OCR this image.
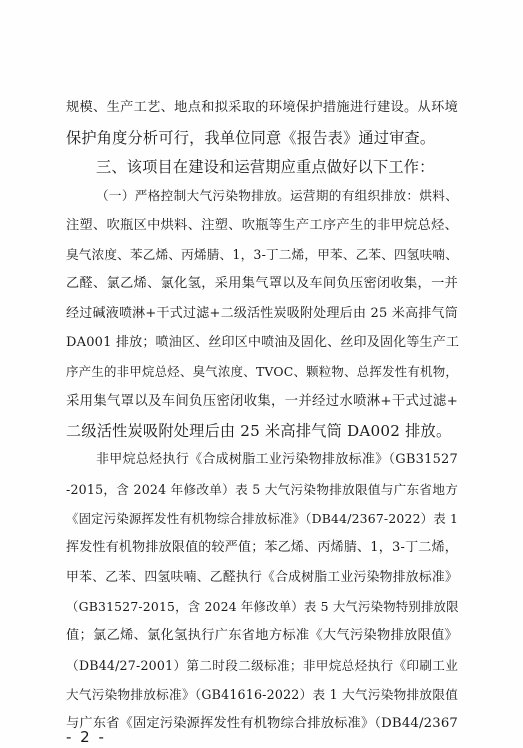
规模、生产工艺、地点和拟采取的环境保护措施进行建设。从环境
保护角度分析可行，我单位同意《报告表》通过审查。
三、该项目在建设和运营期应重点做好以下工作：
（一）严格控制大气污染物排放。运营期的有组织排放：烘料、
注塑、吹瓶区中烘料、注塑、吹瓶等生产工序产生的非甲烷总烃、
臭气浓度、苯乙烯、丙烯腈、1，3-丁二烯，甲苯、乙苯、四氢呋喃、
乙醛、氯乙烯、氯化氢，采用集气罩以及车间负压密闭收集，一并
经过碱液喷淋+干式过滤+二级活性炭吸附处理后由 25 米高排气筒
DA001 排放；喷油区、丝印区中喷油及固化、丝印及固化等生产工
序产生的非甲烷总烃、臭气浓度、TVOC、颗粒物、总挥发性有机物，
采用集气罩以及车间负压密闭收集，一并经过水喷淋+干式过滤+
二级活性炭吸附处理后由 25 米高排气筒 DA002 排放。
非甲烷总烃执行《合成树脂工业污染物排放标准》（GB31527
-2015，含 2024 年修改单）表 5 大气污染物排放限值与广东省地方
《固定污染源挥发性有机物综合排放标准》（DB44/2367-2022）表 1
挥发性有机物排放限值的较严值；苯乙烯、丙烯腈、1，3-丁二烯，
甲苯、乙苯、四氢呋喃、乙醛执行《合成树脂工业污染物排放标准》
（GB31527-2015，含 2024 年修改单）表 5 大气污染物特别排放限
值；氯乙烯、氯化氢执行广东省地方标准《大气污染物排放限值》
（DB44/27-2001）第二时段二级标准；非甲烷总烃执行《印刷工业
大气污染物排放标准》（GB41616-2022）表 1 大气污染物排放限值
与广东省《固定污染源挥发性有机物综合排放标准》（DB44/2367
- 2 -
